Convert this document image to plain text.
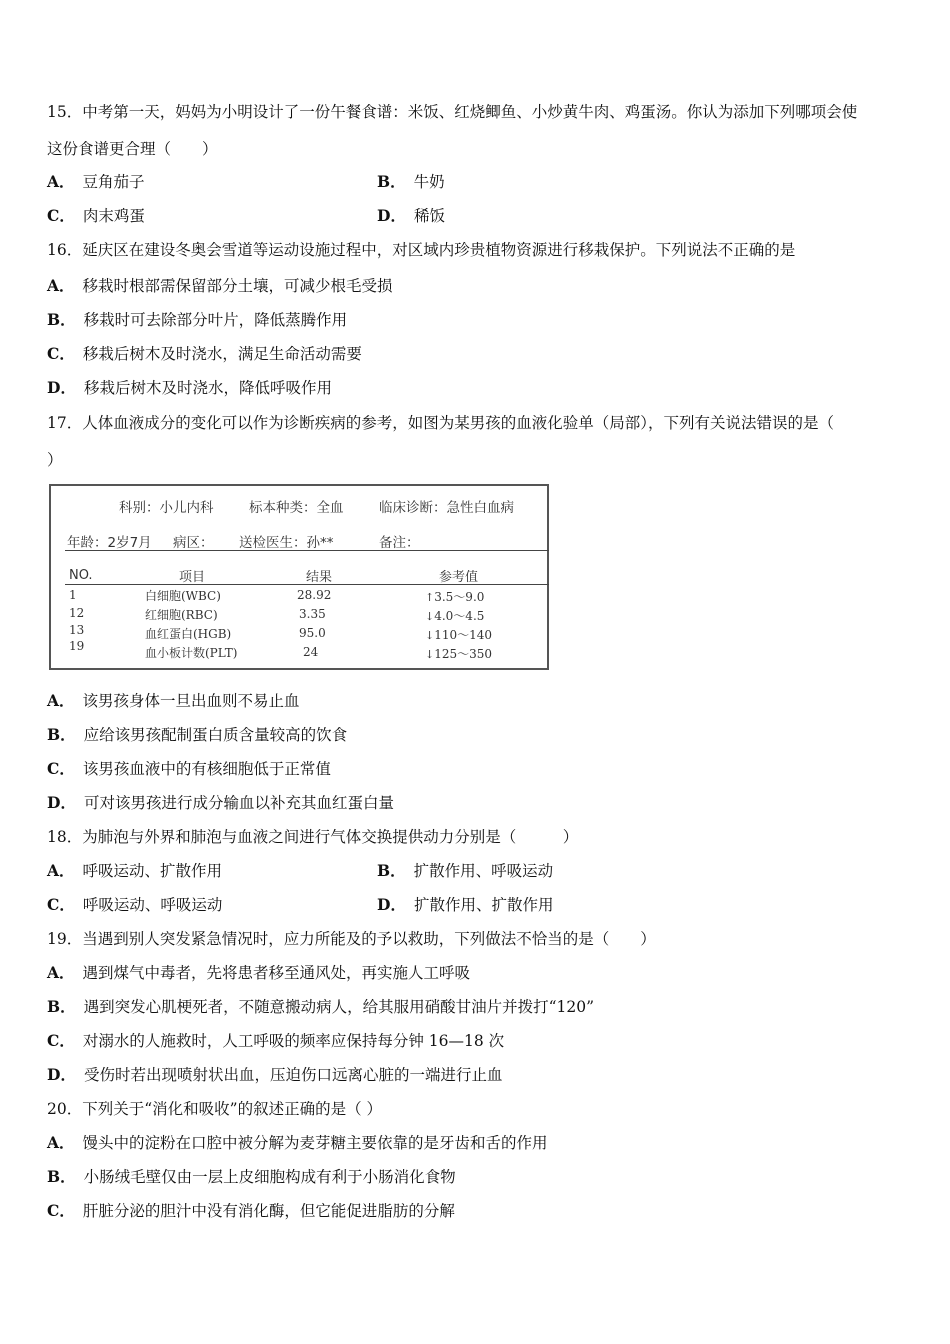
15．中考第一天，妈妈为小明设计了一份午餐食谱：米饭、红烧鲫鱼、小炒黄牛肉、鸡蛋汤。你认为添加下列哪项会使
这份食谱更合理（　　）
A． 豆角茄子	B． 牛奶
C． 肉末鸡蛋	D． 稀饭
16．延庆区在建设冬奥会雪道等运动设施过程中，对区域内珍贵植物资源进行移栽保护。下列说法不正确的是
A． 移栽时根部需保留部分土壤，可减少根毛受损
B． 移栽时可去除部分叶片，降低蒸腾作用
C． 移栽后树木及时浇水，满足生命活动需要
D． 移栽后树木及时浇水，降低呼吸作用
17．人体血液成分的变化可以作为诊断疾病的参考，如图为某男孩的血液化验单（局部），下列有关说法错误的是（
）
科别：小儿内科	标本种类：全血	临床诊断：急性白血病
年龄：2岁7月 病区： 送检医生：孙**	备注：
NO.	项目	结果	参考值
1	白细胞(WBC)	28.92	↑3.5～9.0
12	红细胞(RBC)	3.35	↓4.0～4.5
13	血红蛋白(HGB)	95.0	↓110～140
19	血小板计数(PLT)	24	↓125～350
A． 该男孩身体一旦出血则不易止血
B． 应给该男孩配制蛋白质含量较高的饮食
C． 该男孩血液中的有核细胞低于正常值
D． 可对该男孩进行成分输血以补充其血红蛋白量
18．为肺泡与外界和肺泡与血液之间进行气体交换提供动力分别是（　　　）
A． 呼吸运动、扩散作用	B． 扩散作用、呼吸运动
C． 呼吸运动、呼吸运动	D． 扩散作用、扩散作用
19．当遇到别人突发紧急情况时，应力所能及的予以救助，下列做法不恰当的是（　　）
A． 遇到煤气中毒者，先将患者移至通风处，再实施人工呼吸
B． 遇到突发心肌梗死者，不随意搬动病人，给其服用硝酸甘油片并拨打“120”
C． 对溺水的人施救时，人工呼吸的频率应保持每分钟 16—18 次
D． 受伤时若出现喷射状出血，压迫伤口远离心脏的一端进行止血
20．下列关于“消化和吸收”的叙述正确的是（ ）
A． 馒头中的淀粉在口腔中被分解为麦芽糖主要依靠的是牙齿和舌的作用
B． 小肠绒毛壁仅由一层上皮细胞构成有利于小肠消化食物
C． 肝脏分泌的胆汁中没有消化酶，但它能促进脂肪的分解
